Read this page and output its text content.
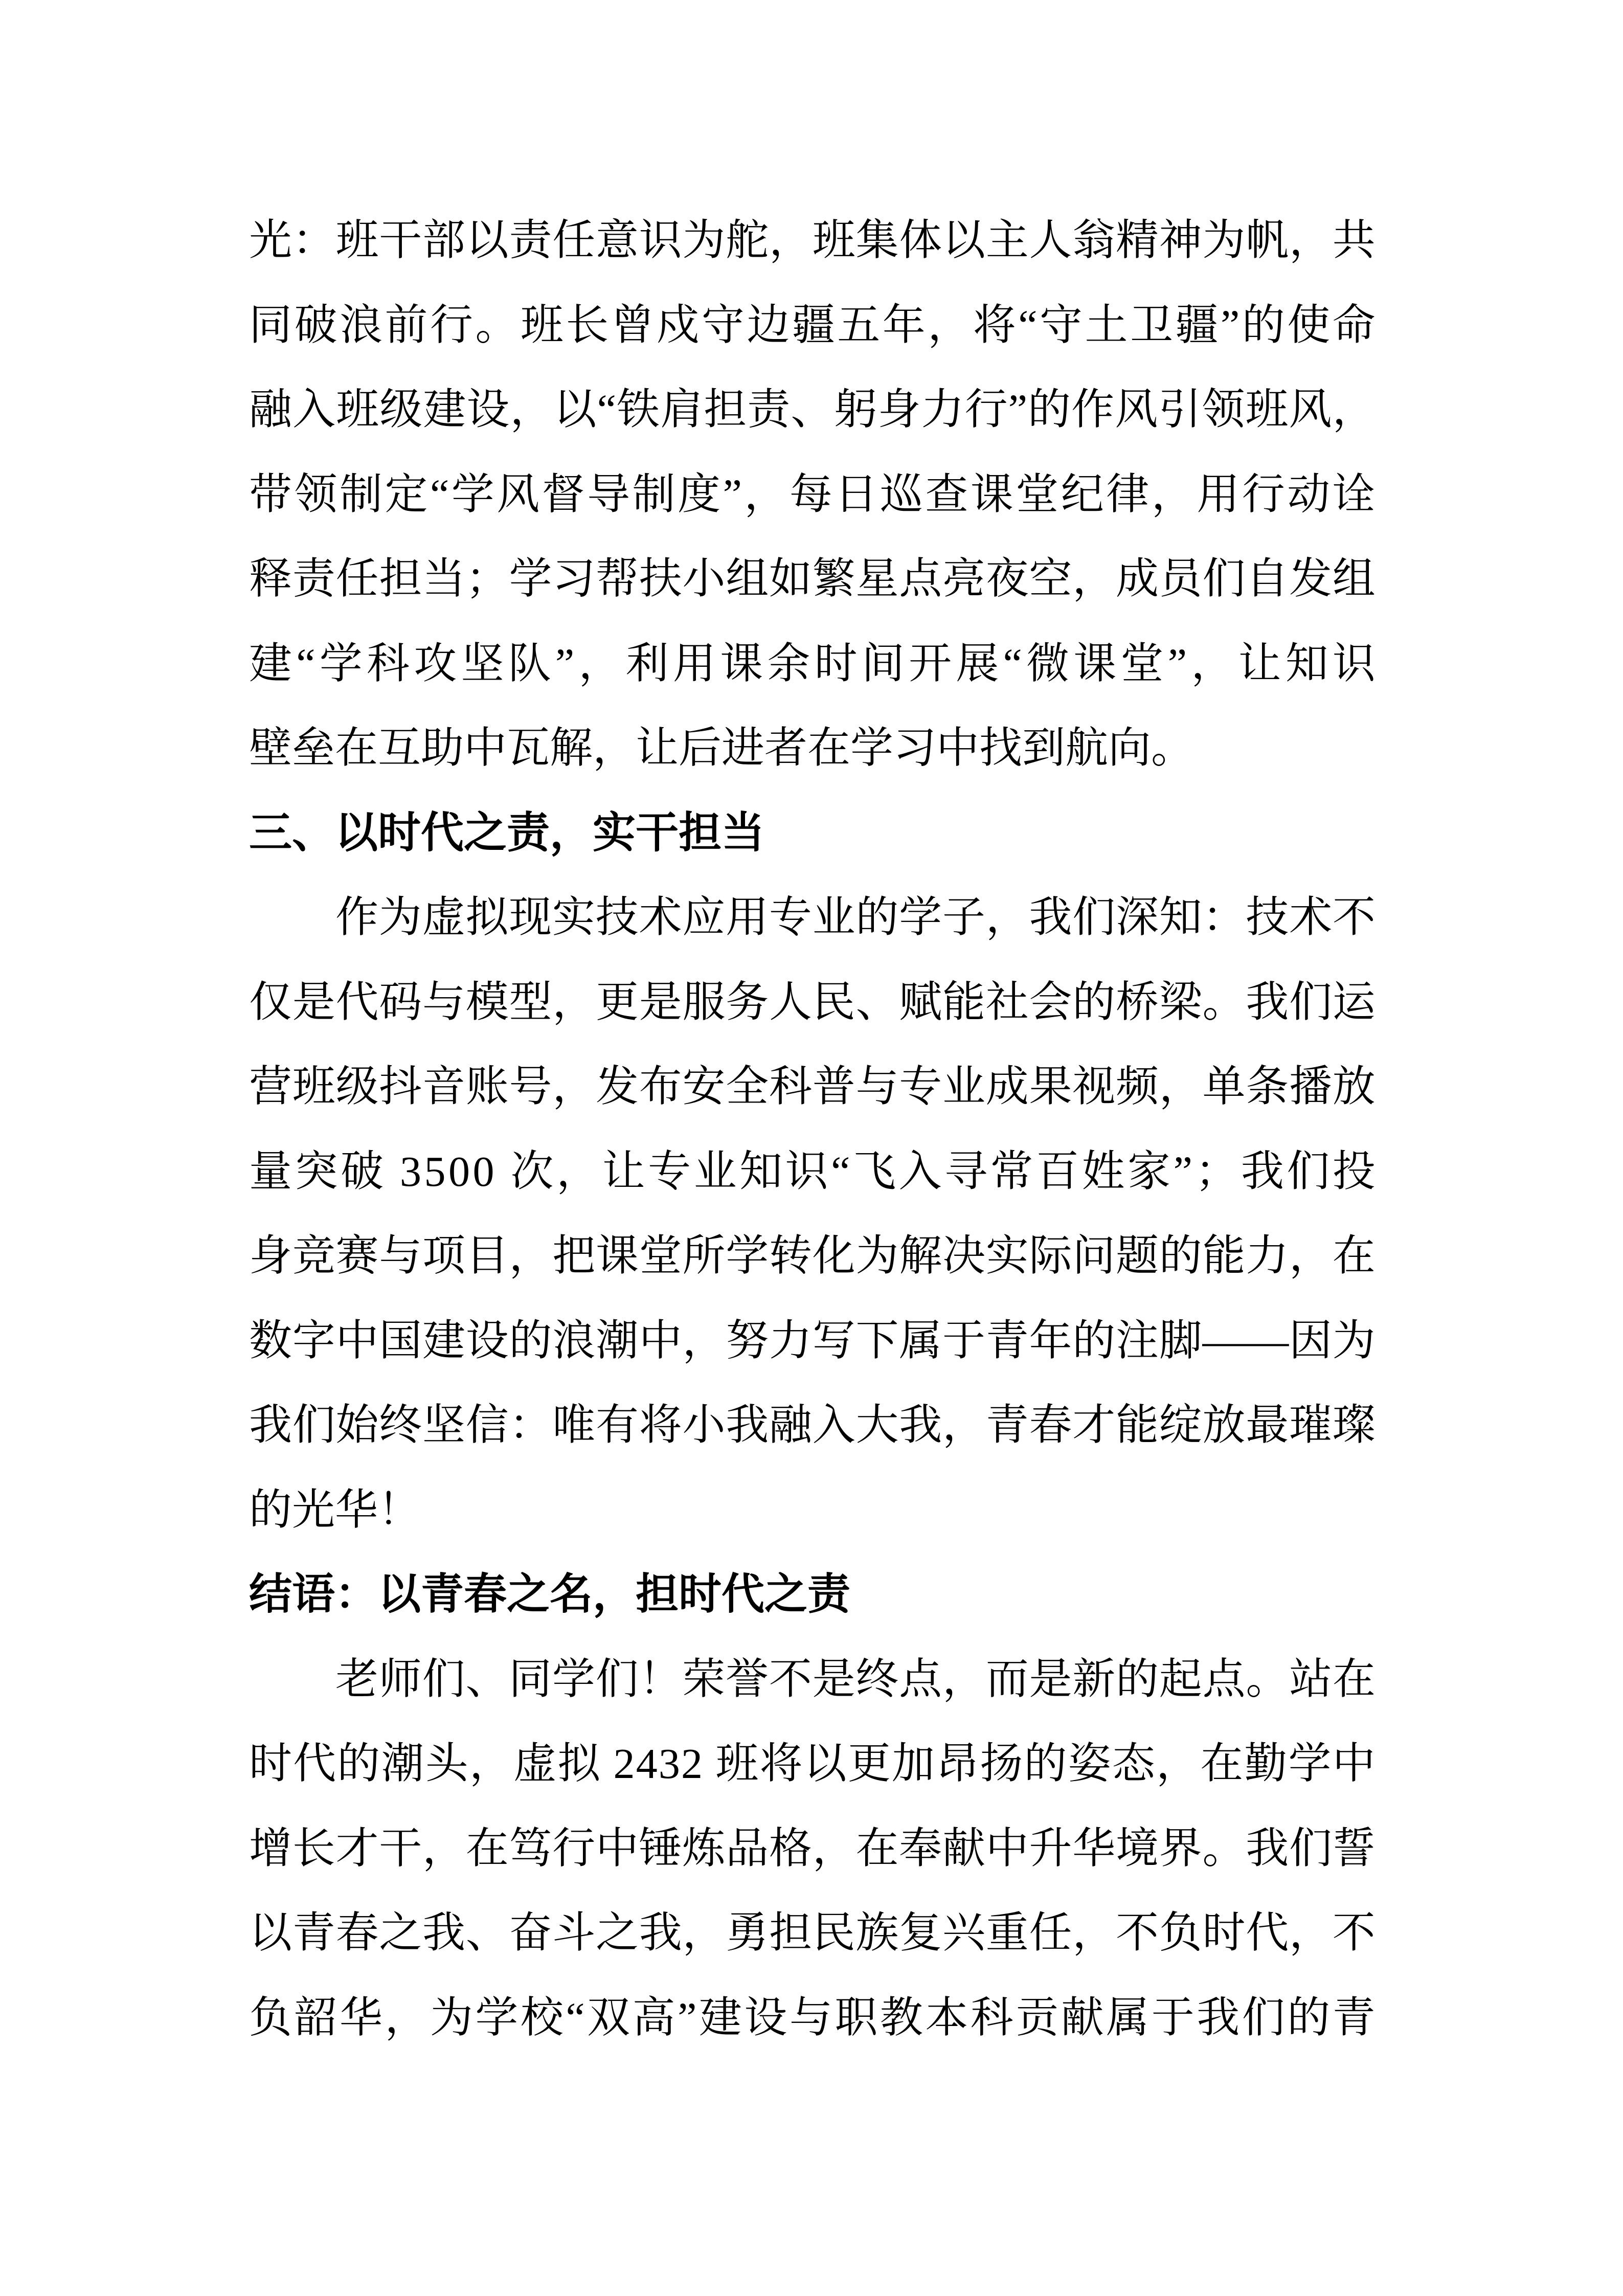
光 ： 班 干 部 以 责 任 意 识 为 舵 ， 班 集 体 以 主 人 翁 精 神 为 帆 ， 共
同 破 浪 前 行 。 班 长 曾 戍 守 边 疆 五 年 ， 将 “ 守 土 卫 疆 ” 的 使 命
融 入 班 级 建 设 ， 以 “ 铁 肩 担 责 、 躬 身 力 行 ” 的 作 风 引 领 班 风 ，
带 领 制 定 “ 学 风 督 导 制 度 ” ， 每 日 巡 查 课 堂 纪 律 ， 用 行 动 诠
释 责 任 担 当 ； 学 习 帮 扶 小 组 如 繁 星 点 亮 夜 空 ， 成 员 们 自 发 组
建 “ 学 科 攻 坚 队 ” ， 利 用 课 余 时 间 开 展 “ 微 课 堂 ” ， 让 知 识
壁垒在互助中瓦解，让后进者在学习中找到航向。
三、以时代之责，实干担当
作 为 虚 拟 现 实 技 术 应 用 专 业 的 学 子 ， 我 们 深 知 ： 技 术 不
仅 是 代 码 与 模 型 ， 更 是 服 务 人 民 、 赋 能 社 会 的 桥 梁 。 我 们 运
营 班 级 抖 音 账 号 ， 发 布 安 全 科 普 与 专 业 成 果 视 频 ， 单 条 播 放
量 突 破
3 5 0 0
次 ， 让 专 业 知 识 “ 飞 入 寻 常 百 姓 家 ” ； 我 们 投
身 竞 赛 与 项 目 ， 把 课 堂 所 学 转 化 为 解 决 实 际 问 题 的 能 力 ， 在
数 字 中 国 建 设 的 浪 潮 中 ， 努 力 写 下 属 于 青 年 的 注 脚 — — 因 为
我 们 始 终 坚 信 ： 唯 有 将 小 我 融 入 大 我 ， 青 春 才 能 绽 放 最 璀 璨
的光华！
结语：以青春之名，担时代之责
老 师 们 、 同 学 们 ！ 荣 誉 不 是 终 点 ， 而 是 新 的 起 点 。 站 在
时 代 的 潮 头 ， 虚 拟
2 4 3 2
班 将 以 更 加 昂 扬 的 姿 态 ， 在 勤 学 中
增 长 才 干 ， 在 笃 行 中 锤 炼 品 格 ， 在 奉 献 中 升 华 境 界 。 我 们 誓
以 青 春 之 我 、 奋 斗 之 我 ， 勇 担 民 族 复 兴 重 任 ， 不 负 时 代 ， 不
负 韶 华 ， 为 学 校 “ 双 高 ” 建 设 与 职 教 本 科 贡 献 属 于 我 们 的 青
